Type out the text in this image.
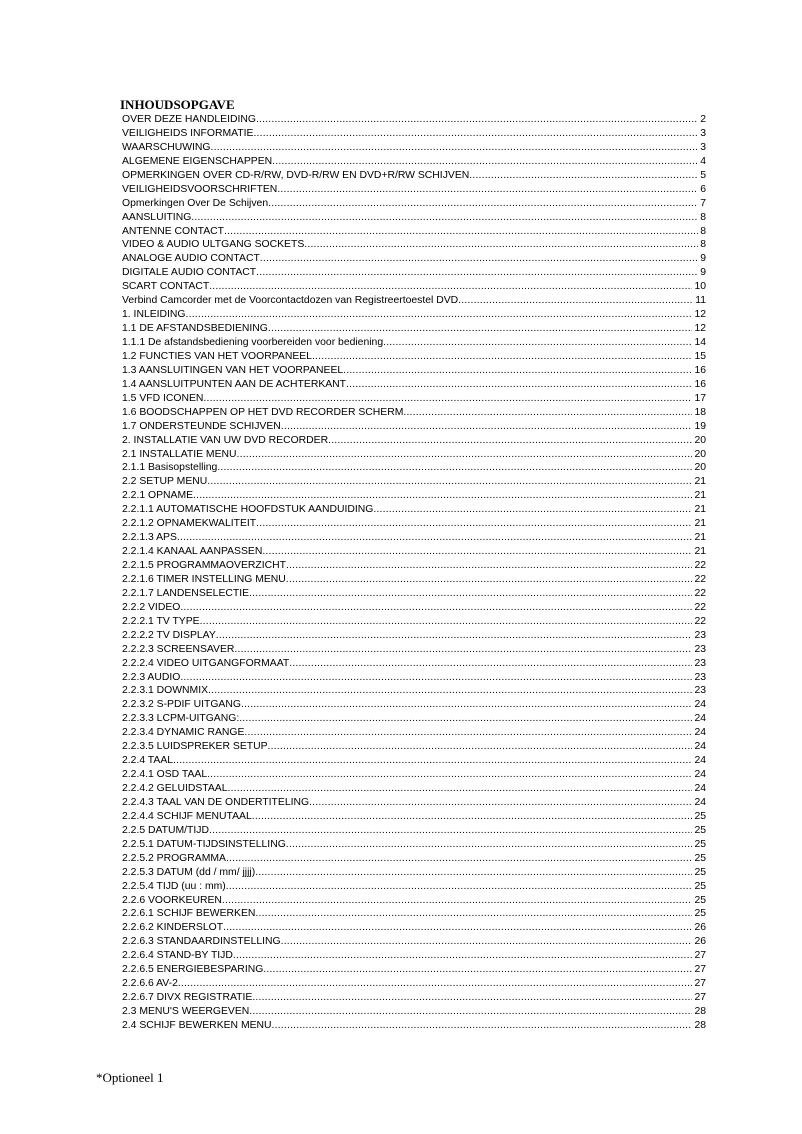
INHOUDSOPGAVE
OVER DEZE HANDLEIDING .....	2
VEILIGHEIDS INFORMATIE .....	3
WAARSCHUWING .....	3
ALGEMENE EIGENSCHAPPEN .....	4
OPMERKINGEN OVER CD-R/RW, DVD-R/RW EN DVD+R/RW SCHIJVEN .....	5
VEILIGHEIDSVOORSCHRIFTEN .....	6
Opmerkingen Over De Schijven .....	7
AANSLUITING .....	8
ANTENNE CONTACT .....	8
VIDEO & AUDIO ULTGANG SOCKETS .....	8
ANALOGE AUDIO CONTACT .....	9
DIGITALE AUDIO CONTACT .....	9
SCART CONTACT .....	10
Verbind Camcorder met de Voorcontactdozen van Registreertoestel DVD .....	11
1. INLEIDING .....	12
1.1 DE AFSTANDSBEDIENING .....	12
1.1.1 De afstandsbediening voorbereiden voor bediening .....	14
1.2 FUNCTIES VAN HET VOORPANEEL .....	15
1.3 AANSLUITINGEN VAN HET VOORPANEEL .....	16
1.4 AANSLUITPUNTEN AAN DE ACHTERKANT .....	16
1.5 VFD ICONEN .....	17
1.6 BOODSCHAPPEN OP HET DVD RECORDER SCHERM .....	18
1.7 ONDERSTEUNDE SCHIJVEN .....	19
2. INSTALLATIE VAN UW DVD RECORDER .....	20
2.1 INSTALLATIE MENU .....	20
2.1.1 Basisopstelling .....	20
2.2 SETUP MENU .....	21
2.2.1 OPNAME .....	21
2.2.1.1 AUTOMATISCHE HOOFDSTUK AANDUIDING .....	21
2.2.1.2 OPNAMEKWALITEIT .....	21
2.2.1.3 APS .....	21
2.2.1.4 KANAAL AANPASSEN .....	21
2.2.1.5 PROGRAMMAOVERZICHT .....	22
2.2.1.6 TIMER INSTELLING MENU .....	22
2.2.1.7 LANDENSELECTIE .....	22
2.2.2 VIDEO .....	22
2.2.2.1 TV TYPE .....	22
2.2.2.2 TV DISPLAY .....	23
2.2.2.3 SCREENSAVER .....	23
2.2.2.4 VIDEO UITGANGFORMAAT .....	23
2.2.3 AUDIO .....	23
2.2.3.1 DOWNMIX .....	23
2.2.3.2 S-PDIF UITGANG .....	24
2.2.3.3 LCPM-UITGANG: .....	24
2.2.3.4 DYNAMIC RANGE .....	24
2.2.3.5 LUIDSPREKER SETUP .....	24
2.2.4 TAAL .....	24
2.2.4.1 OSD TAAL .....	24
2.2.4.2 GELUIDSTAAL .....	24
2.2.4.3 TAAL VAN DE ONDERTITELING .....	24
2.2.4.4 SCHIJF MENUTAAL .....	25
2.2.5 DATUM/TIJD .....	25
2.2.5.1 DATUM-TIJDSINSTELLING .....	25
2.2.5.2 PROGRAMMA .....	25
2.2.5.3 DATUM (dd / mm/ jjjj) .....	25
2.2.5.4 TIJD (uu : mm) .....	25
2.2.6 VOORKEUREN .....	25
2.2.6.1 SCHIJF BEWERKEN .....	25
2.2.6.2 KINDERSLOT .....	26
2.2.6.3 STANDAARDINSTELLING .....	26
2.2.6.4 STAND-BY TIJD .....	27
2.2.6.5 ENERGIEBESPARING .....	27
2.2.6.6 AV-2 .....	27
2.2.6.7 DIVX REGISTRATIE .....	27
2.3 MENU'S WEERGEVEN .....	28
2.4 SCHIJF BEWERKEN MENU .....	28
*Optioneel 1
